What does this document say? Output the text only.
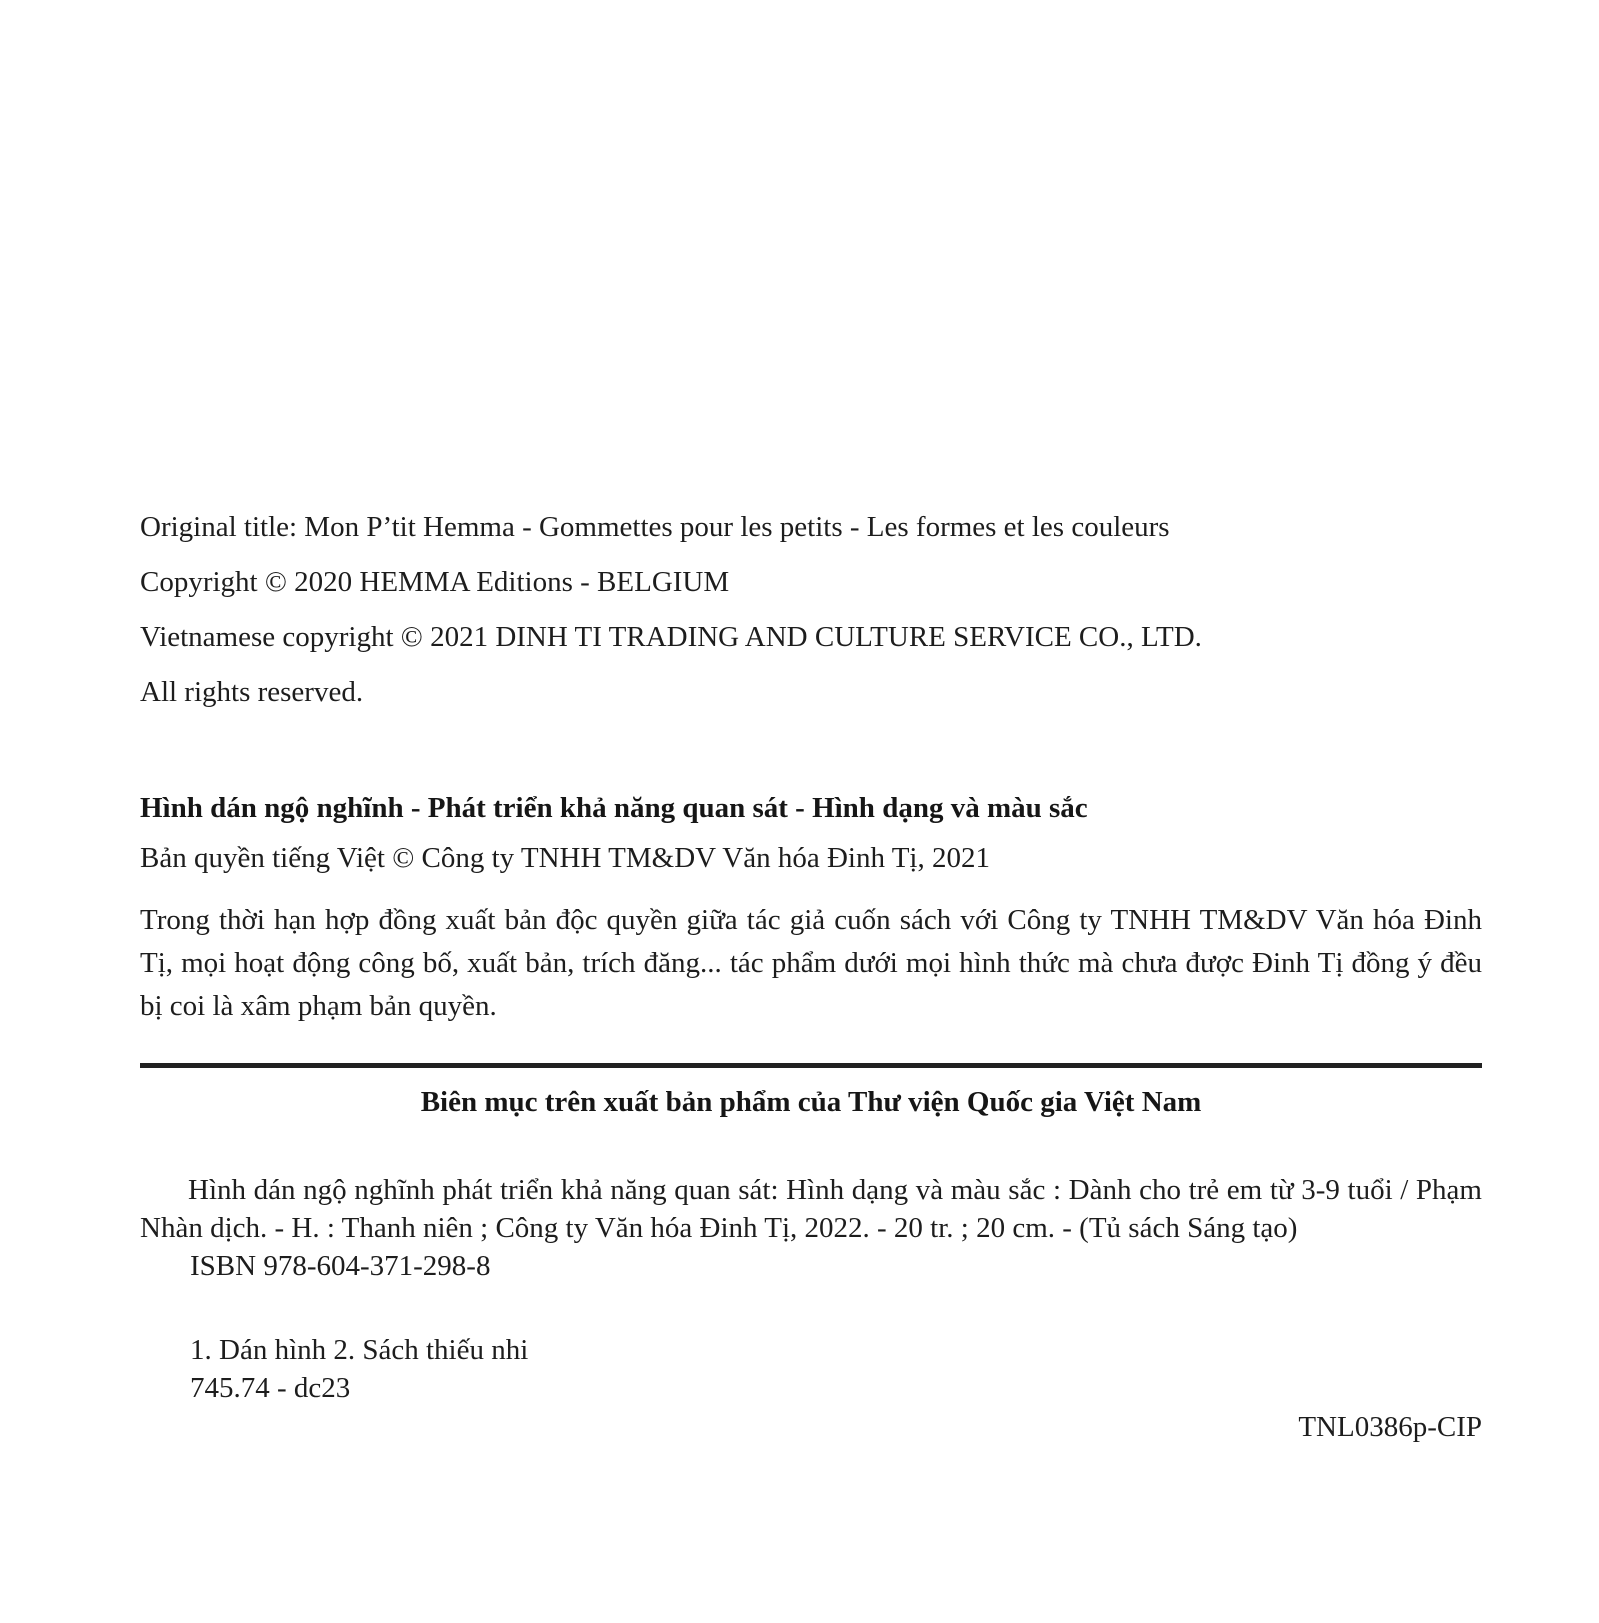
Original title: Mon P’tit Hemma - Gommettes pour les petits - Les formes et les couleurs

Copyright © 2020 HEMMA Editions - BELGIUM

Vietnamese copyright © 2021 DINH TI TRADING AND CULTURE SERVICE CO., LTD.

All rights reserved.

Hình dán ngộ nghĩnh - Phát triển khả năng quan sát - Hình dạng và màu sắc

Bản quyền tiếng Việt © Công ty TNHH TM&DV Văn hóa Đinh Tị, 2021

Trong thời hạn hợp đồng xuất bản độc quyền giữa tác giả cuốn sách với Công ty TNHH TM&DV Văn hóa Đinh Tị, mọi hoạt động công bố, xuất bản, trích đăng... tác phẩm dưới mọi hình thức mà chưa được Đinh Tị đồng ý đều bị coi là xâm phạm bản quyền.

Biên mục trên xuất bản phẩm của Thư viện Quốc gia Việt Nam

Hình dán ngộ nghĩnh phát triển khả năng quan sát: Hình dạng và màu sắc : Dành cho trẻ em từ 3-9 tuổi / Phạm Nhàn dịch. - H. : Thanh niên ; Công ty Văn hóa Đinh Tị, 2022. - 20 tr. ; 20 cm. - (Tủ sách Sáng tạo)

ISBN 978-604-371-298-8

1. Dán hình 2. Sách thiếu nhi

745.74 - dc23

TNL0386p-CIP
